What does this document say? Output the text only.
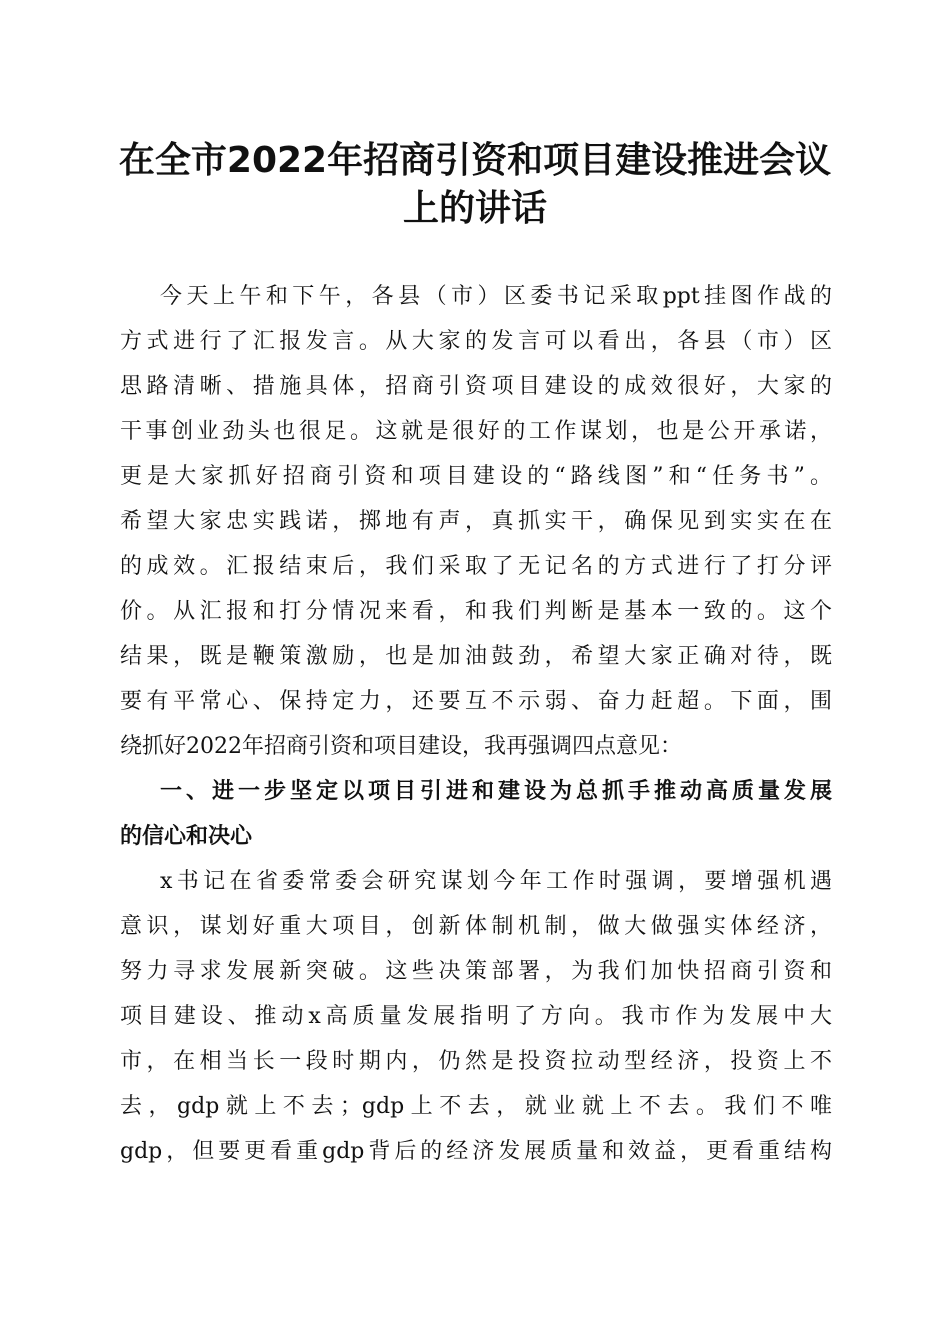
在全市2022年招商引资和项目建设推进会议
上的讲话
今天上午和下午，各县（市）区委书记采取ppt挂图作战的
方式进行了汇报发言。从大家的发言可以看出，各县（市）区
思路清晰、措施具体，招商引资项目建设的成效很好，大家的
干事创业劲头也很足。这就是很好的工作谋划，也是公开承诺，
更是大家抓好招商引资和项目建设的“路线图”和“任务书”。
希望大家忠实践诺，掷地有声，真抓实干，确保见到实实在在
的成效。汇报结束后，我们采取了无记名的方式进行了打分评
价。从汇报和打分情况来看，和我们判断是基本一致的。这个
结果，既是鞭策激励，也是加油鼓劲，希望大家正确对待，既
要有平常心、保持定力，还要互不示弱、奋力赶超。下面，围
绕抓好2022年招商引资和项目建设，我再强调四点意见：
一、进一步坚定以项目引进和建设为总抓手推动高质量发展
的信心和决心
x书记在省委常委会研究谋划今年工作时强调，要增强机遇
意识，谋划好重大项目，创新体制机制，做大做强实体经济，
努力寻求发展新突破。这些决策部署，为我们加快招商引资和
项目建设、推动x高质量发展指明了方向。我市作为发展中大
市，在相当长一段时期内，仍然是投资拉动型经济，投资上不
去，gdp就上不去；gdp上不去，就业就上不去。我们不唯
gdp，但要更看重gdp背后的经济发展质量和效益，更看重结构
